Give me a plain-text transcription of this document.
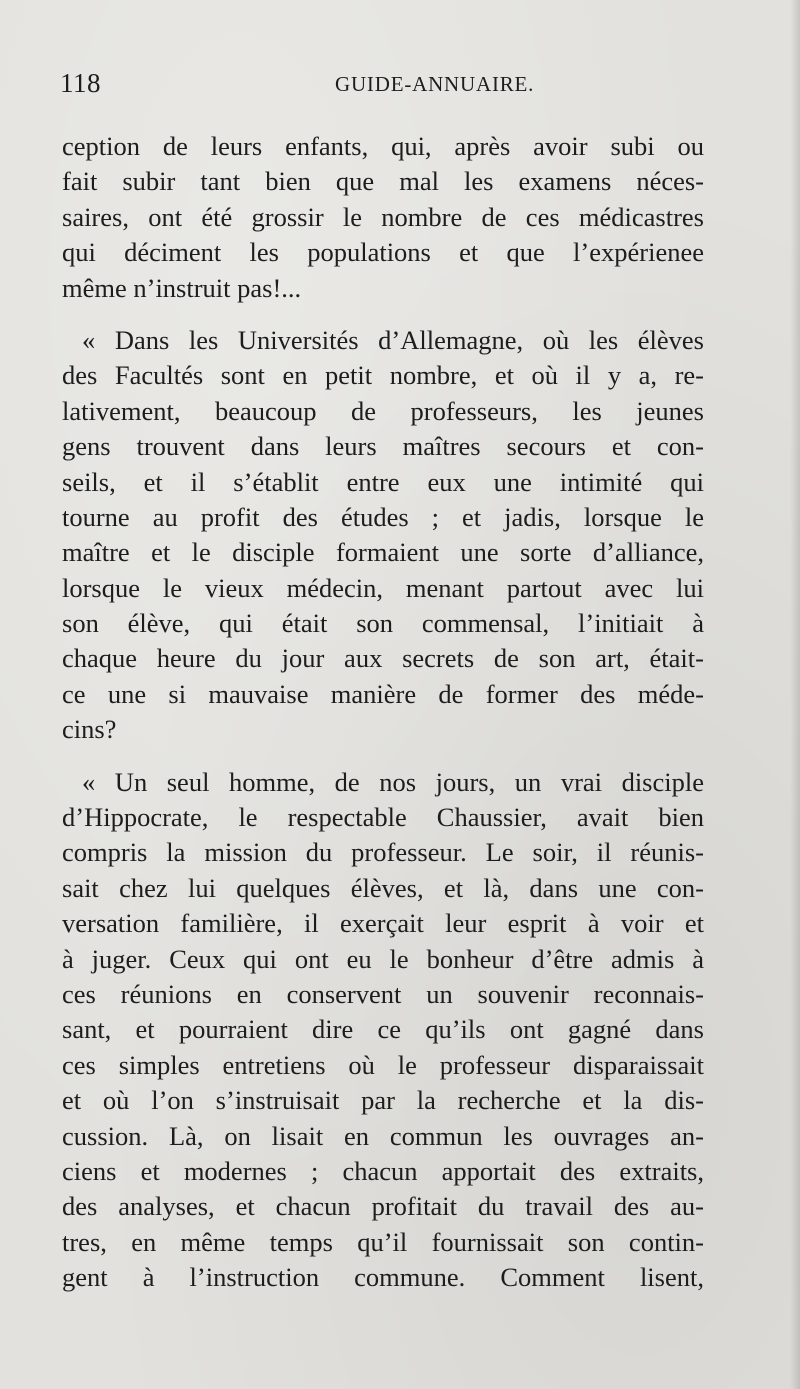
118	GUIDE-ANNUAIRE.

ception de leurs enfants, qui, après avoir subi ou
fait subir tant bien que mal les examens néces-
saires, ont été grossir le nombre de ces médicastres
qui déciment les populations et que l’expérienee
même n’instruit pas!...

« Dans les Universités d’Allemagne, où les élèves
des Facultés sont en petit nombre, et où il y a, re-
lativement, beaucoup de professeurs, les jeunes
gens trouvent dans leurs maîtres secours et con-
seils, et il s’établit entre eux une intimité qui
tourne au profit des études ; et jadis, lorsque le
maître et le disciple formaient une sorte d’alliance,
lorsque le vieux médecin, menant partout avec lui
son élève, qui était son commensal, l’initiait à
chaque heure du jour aux secrets de son art, était-
ce une si mauvaise manière de former des méde-
cins?

« Un seul homme, de nos jours, un vrai disciple
d’Hippocrate, le respectable Chaussier, avait bien
compris la mission du professeur. Le soir, il réunis-
sait chez lui quelques élèves, et là, dans une con-
versation familière, il exerçait leur esprit à voir et
à juger. Ceux qui ont eu le bonheur d’être admis à
ces réunions en conservent un souvenir reconnais-
sant, et pourraient dire ce qu’ils ont gagné dans
ces simples entretiens où le professeur disparaissait
et où l’on s’instruisait par la recherche et la dis-
cussion. Là, on lisait en commun les ouvrages an-
ciens et modernes ; chacun apportait des extraits,
des analyses, et chacun profitait du travail des au-
tres, en même temps qu’il fournissait son contin-
gent à l’instruction commune. Comment lisent,
